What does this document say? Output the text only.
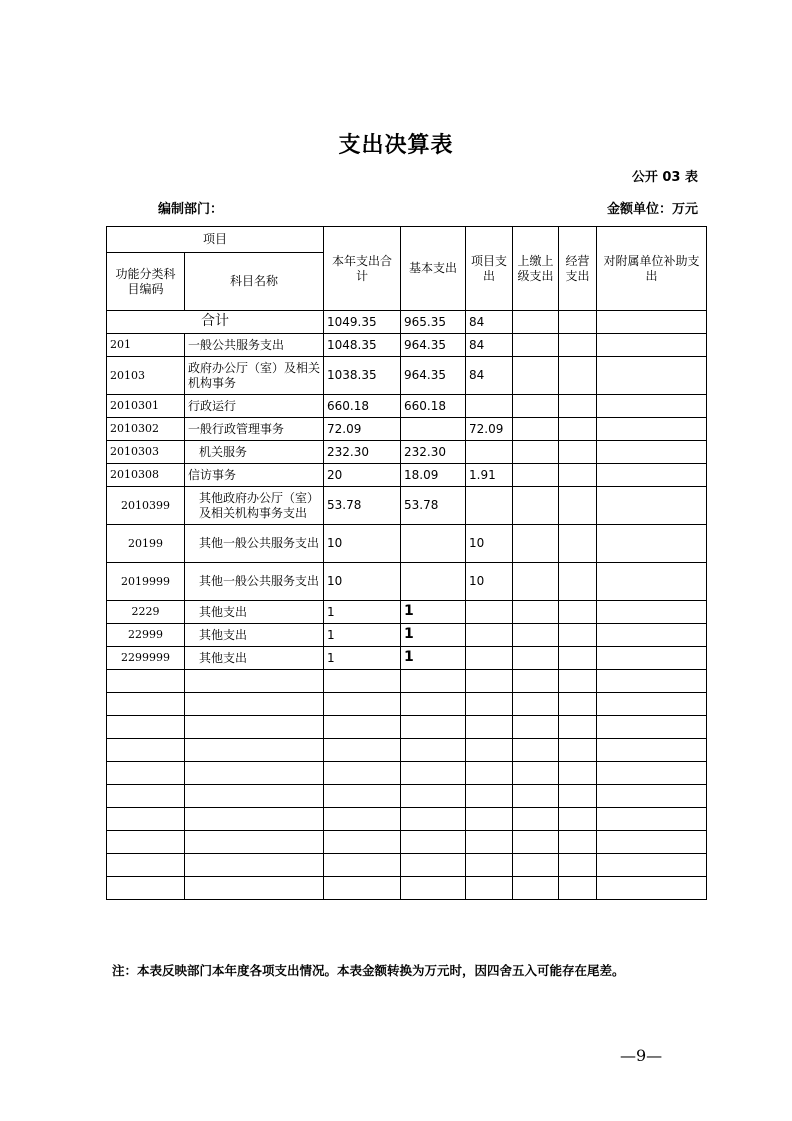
支出决算表
公开 03 表
编制部门：	金额单位：万元
项目		本年支出合计	基本支出	项目支出	上缴上级支出	经营支出	对附属单位补助支出
功能分类科目编码	科目名称						
合计		1049.35	965.35	84			
201	一般公共服务支出	1048.35	964.35	84			
20103	政府办公厅（室）及相关机构事务	1038.35	964.35	84			
2010301	行政运行	660.18	660.18				
2010302	一般行政管理事务	72.09		72.09			
2010303	机关服务	232.30	232.30				
2010308	信访事务	20	18.09	1.91			
2010399	其他政府办公厅（室）及相关机构事务支出	53.78	53.78				
20199	其他一般公共服务支出	10		10			
2019999	其他一般公共服务支出	10		10			
2229	其他支出	1	1				
22999	其他支出	1	1				
2299999	其他支出	1	1				

注：本表反映部门本年度各项支出情况。本表金额转换为万元时，因四舍五入可能存在尾差。
—9—
